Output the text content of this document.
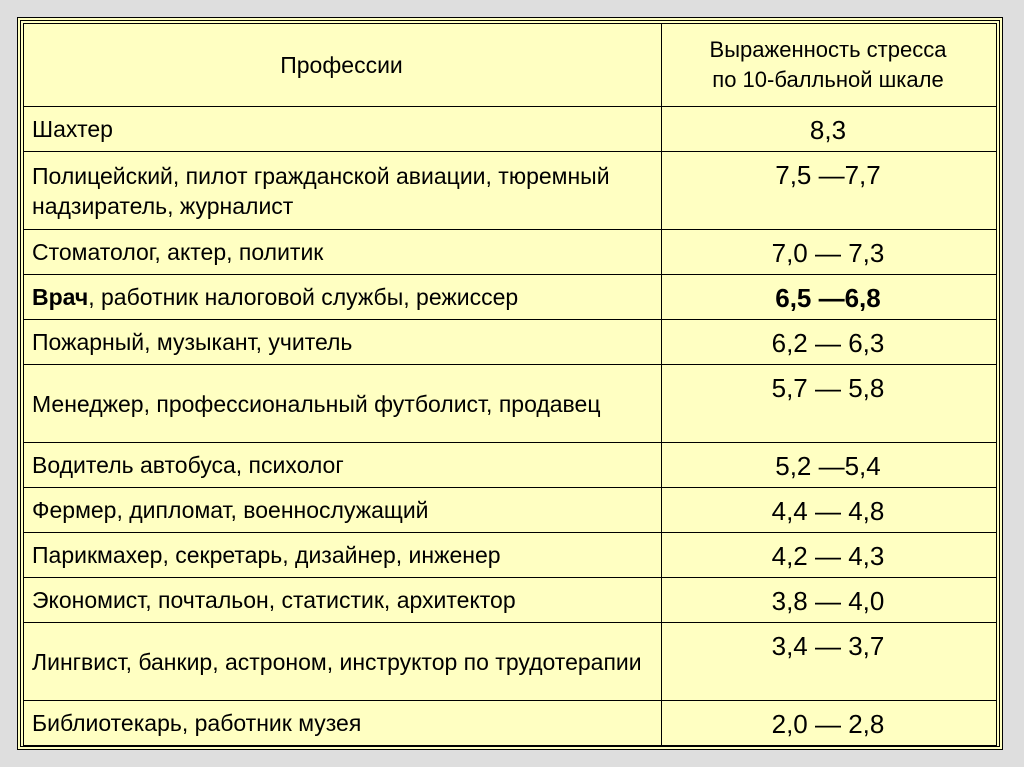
Профессии	Выраженность стресса
по 10-балльной шкале

Шахтер	8,3
Полицейский, пилот гражданской авиации, тюремный надзиратель, журналист	7,5 —7,7
Стоматолог, актер, политик	7,0 — 7,3
Врач, работник налоговой службы, режиссер	6,5 —6,8
Пожарный, музыкант, учитель	6,2 — 6,3
Менеджер, профессиональный футболист, продавец	5,7 — 5,8
Водитель автобуса, психолог	5,2 —5,4
Фермер, дипломат, военнослужащий	4,4 — 4,8
Парикмахер, секретарь, дизайнер, инженер	4,2 — 4,3
Экономист, почтальон, статистик, архитектор	3,8 — 4,0
Лингвист, банкир, астроном, инструктор по трудотерапии	3,4 — 3,7
Библиотекарь, работник музея	2,0 — 2,8
